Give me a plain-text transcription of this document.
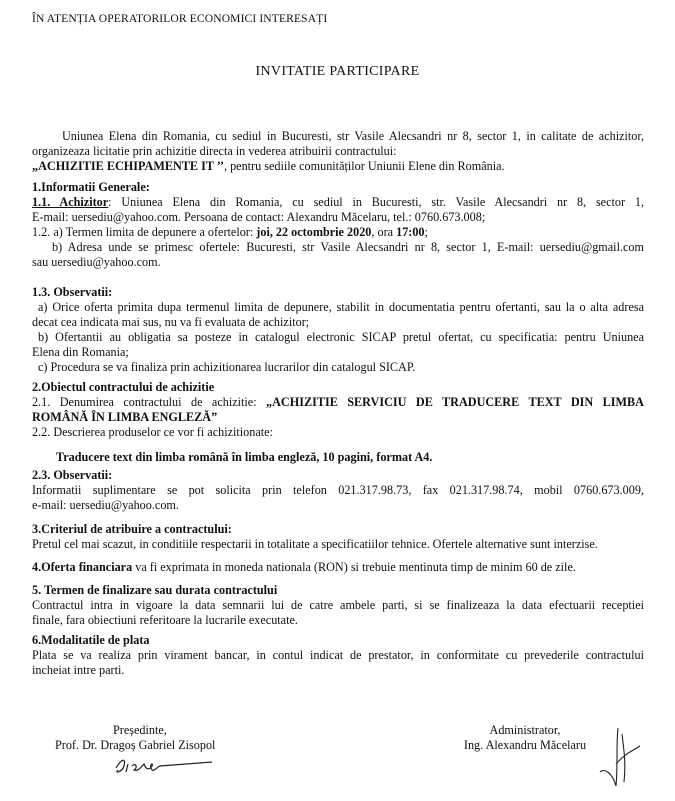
ÎN ATENȚIA OPERATORILOR ECONOMICI INTERESAȚI
INVITATIE PARTICIPARE
Uniunea Elena din Romania, cu sediul in Bucuresti, str Vasile Alecsandri nr 8, sector 1, in calitate de achizitor,
organizeaza licitatie prin achizitie directa in vederea atribuirii contractului:
„ACHIZITIE ECHIPAMENTE IT ’’, pentru sediile comunităților Uniunii Elene din România.
1.Informatii Generale:
1.1. Achizitor: Uniunea Elena din Romania, cu sediul in Bucuresti, str. Vasile Alecsandri nr 8, sector 1,
E-mail: uersediu@yahoo.com. Persoana de contact: Alexandru Măcelaru, tel.: 0760.673.008;
1.2. a) Termen limita de depunere a ofertelor: joi, 22 octombrie 2020, ora 17:00;
b) Adresa unde se primesc ofertele: Bucuresti, str Vasile Alecsandri nr 8, sector 1, E-mail: uersediu@gmail.com
sau uersediu@yahoo.com.
1.3. Observatii:
a) Orice oferta primita dupa termenul limita de depunere, stabilit in documentatia pentru ofertanti, sau la o alta adresa
decat cea indicata mai sus, nu va fi evaluata de achizitor;
b) Ofertantii au obligatia sa posteze in catalogul electronic SICAP pretul ofertat, cu specificatia: pentru Uniunea
Elena din Romania;
c) Procedura se va finaliza prin achizitionarea lucrarilor din catalogul SICAP.
2.Obiectul contractului de achizitie
2.1. Denumirea contractului de achizitie: „ACHIZITIE SERVICIU DE TRADUCERE TEXT DIN LIMBA
ROMÂNĂ ÎN LIMBA ENGLEZĂ”
2.2. Descrierea produselor ce vor fi achizitionate:
Traducere text din limba română în limba engleză, 10 pagini, format A4.
2.3. Observatii:
Informatii suplimentare se pot solicita prin telefon 021.317.98.73, fax 021.317.98.74, mobil 0760.673.009,
e-mail: uersediu@yahoo.com.
3.Criteriul de atribuire a contractului:
Pretul cel mai scazut, in conditiile respectarii in totalitate a specificatiilor tehnice. Ofertele alternative sunt interzise.
4.Oferta financiara va fi exprimata in moneda nationala (RON) si trebuie mentinuta timp de minim 60 de zile.
5. Termen de finalizare sau durata contractului
Contractul intra in vigoare la data semnarii lui de catre ambele parti, si se finalizeaza la data efectuarii receptiei
finale, fara obiectiuni referitoare la lucrarile executate.
6.Modalitatile de plata
Plata se va realiza prin virament bancar, in contul indicat de prestator, in conformitate cu prevederile contractului
incheiat intre parti.
Președinte,
Prof. Dr. Dragoș Gabriel Zisopol
Administrator,
Ing. Alexandru Măcelaru
